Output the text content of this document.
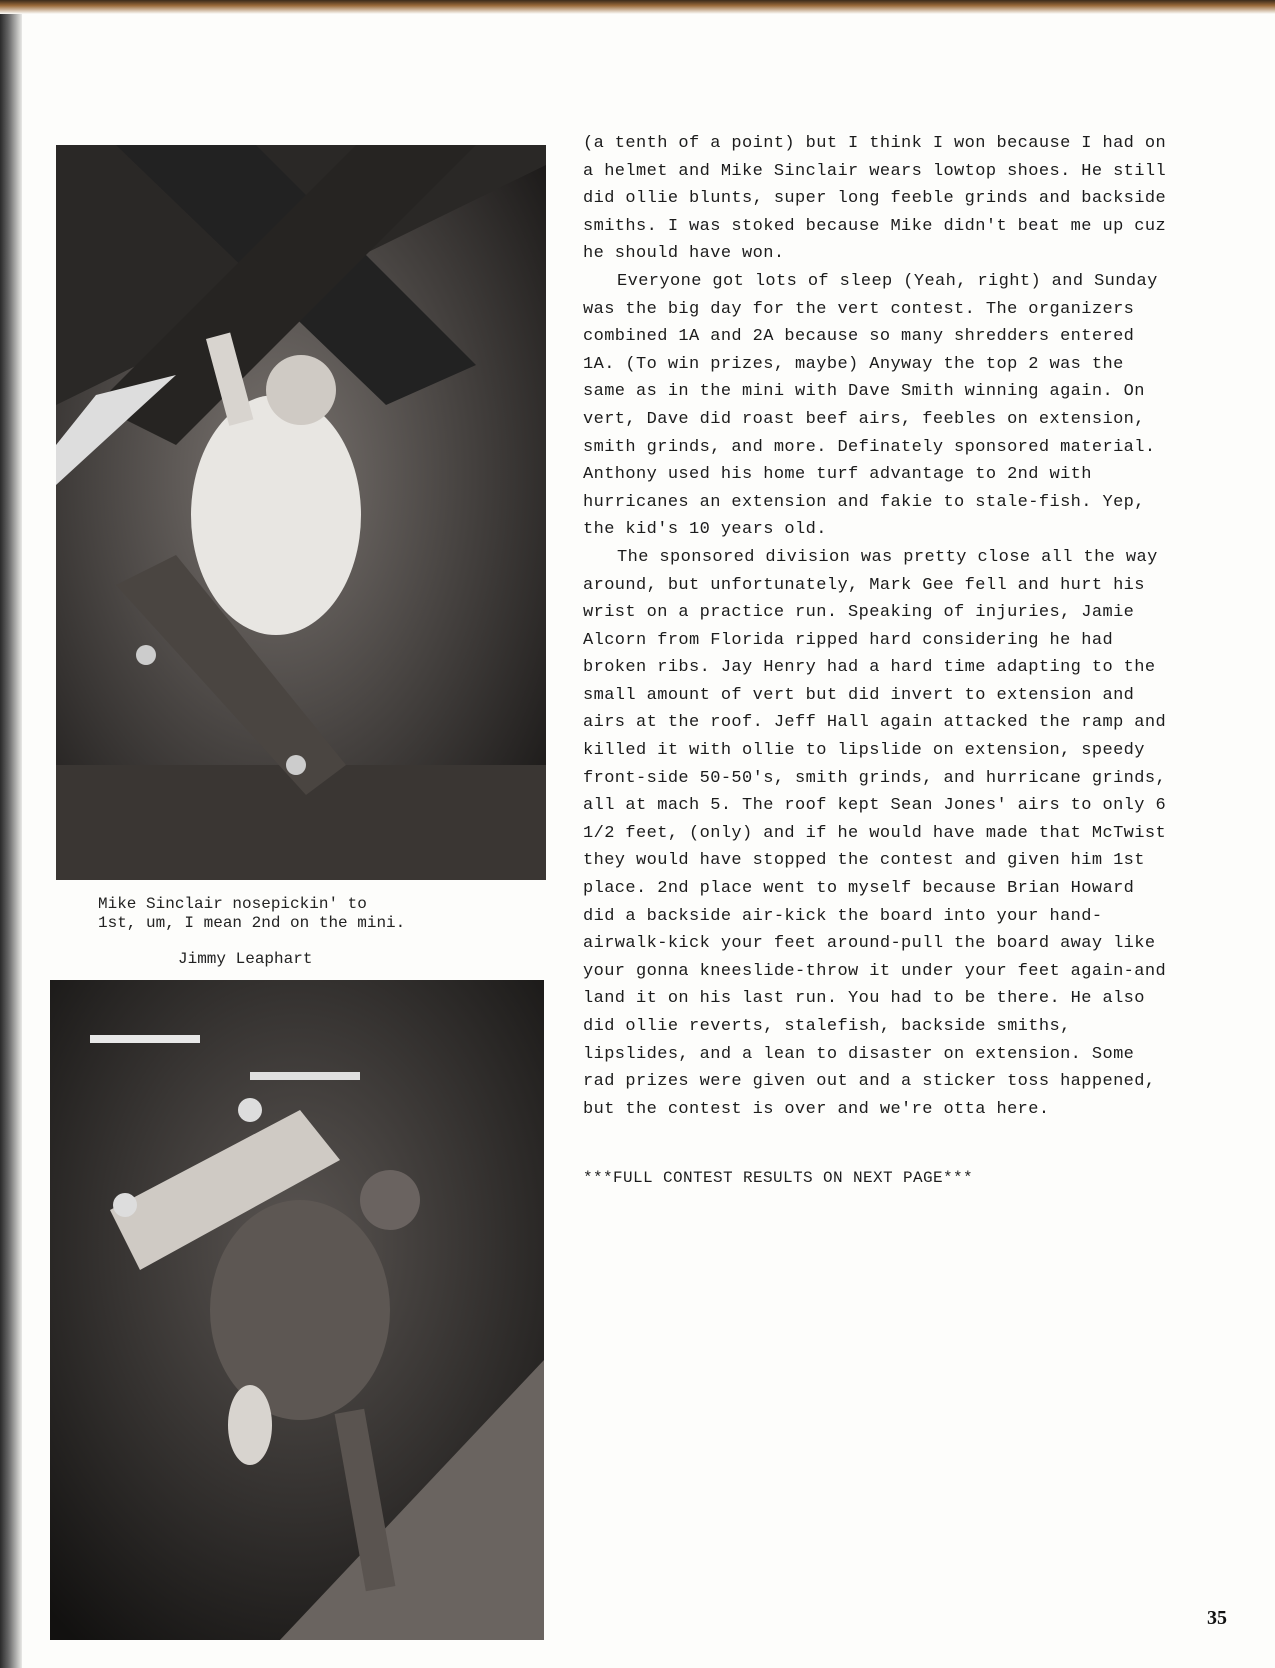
Mike Sinclair nosepickin' to
1st, um, I mean 2nd on the mini.
Jimmy Leaphart

(a tenth of a point) but I think I won because I had on a helmet and Mike Sinclair wears lowtop shoes. He still did ollie blunts, super long feeble grinds and backside smiths. I was stoked because Mike didn't beat me up cuz he should have won.

Everyone got lots of sleep (Yeah, right) and Sunday was the big day for the vert contest. The organizers combined 1A and 2A because so many shredders entered 1A. (To win prizes, maybe) Anyway the top 2 was the same as in the mini with Dave Smith winning again. On vert, Dave did roast beef airs, feebles on extension, smith grinds, and more. Definately sponsored material. Anthony used his home turf advantage to 2nd with hurricanes an extension and fakie to stale-fish. Yep, the kid's 10 years old.

The sponsored division was pretty close all the way around, but unfortunately, Mark Gee fell and hurt his wrist on a practice run. Speaking of injuries, Jamie Alcorn from Florida ripped hard considering he had broken ribs. Jay Henry had a hard time adapting to the small amount of vert but did invert to extension and airs at the roof. Jeff Hall again attacked the ramp and killed it with ollie to lipslide on extension, speedy front-side 50-50's, smith grinds, and hurricane grinds, all at mach 5. The roof kept Sean Jones' airs to only 6 1/2 feet, (only) and if he would have made that McTwist they would have stopped the contest and given him 1st place. 2nd place went to myself because Brian Howard did a backside air-kick the board into your hand-airwalk-kick your feet around-pull the board away like your gonna kneeslide-throw it under your feet again-and land it on his last run. You had to be there. He also did ollie reverts, stalefish, backside smiths, lipslides, and a lean to disaster on extension. Some rad prizes were given out and a sticker toss happened, but the contest is over and we're otta here.

***FULL CONTEST RESULTS ON NEXT PAGE***

35
